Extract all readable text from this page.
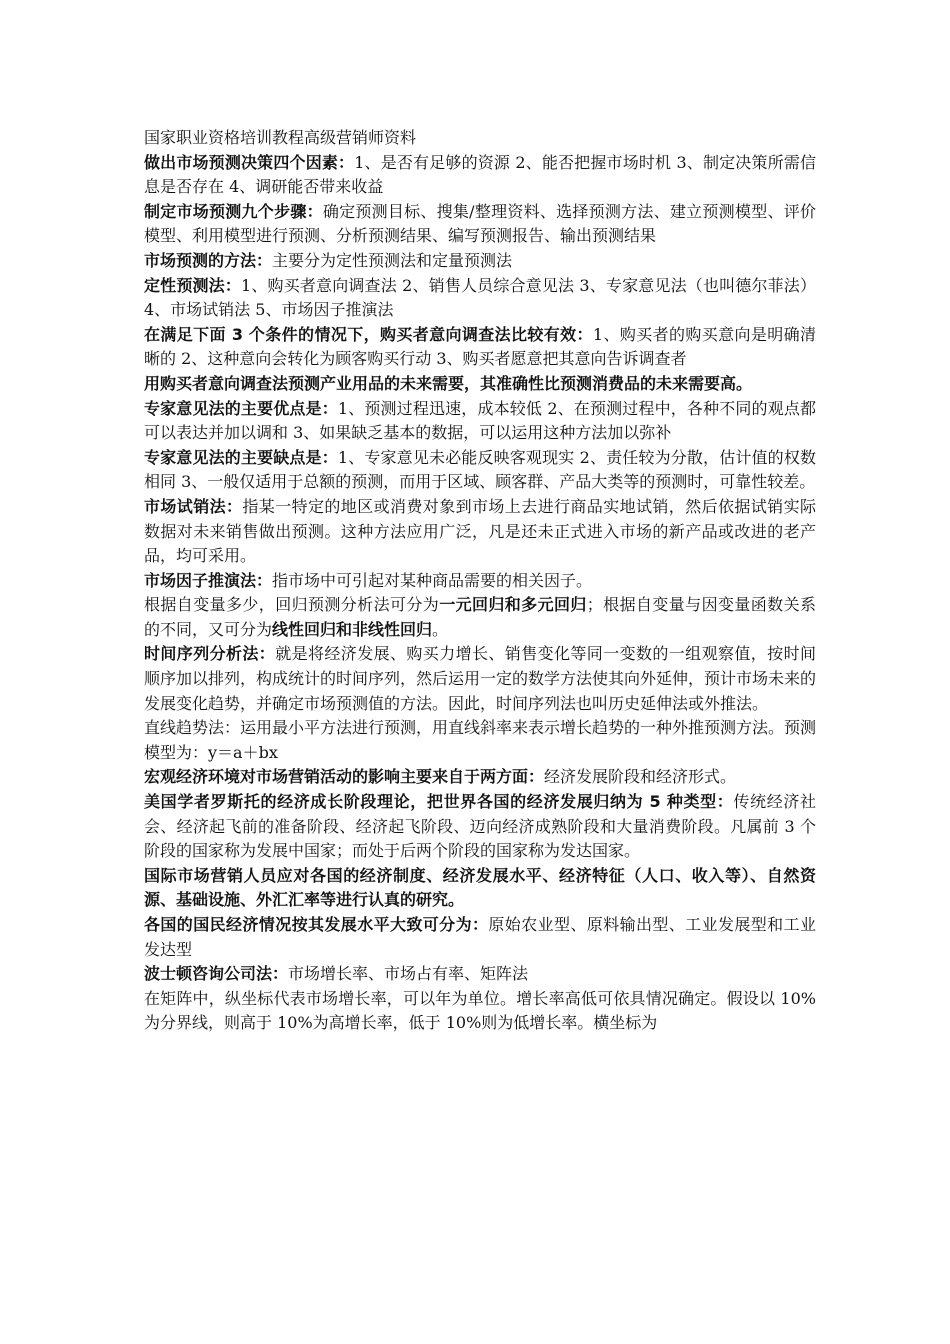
国家职业资格培训教程高级营销师资料

做出市场预测决策四个因素：1、是否有足够的资源 2、能否把握市场时机 3、制定决策所需信息是否存在 4、调研能否带来收益

制定市场预测九个步骤：确定预测目标、搜集/整理资料、选择预测方法、建立预测模型、评价模型、利用模型进行预测、分析预测结果、编写预测报告、输出预测结果

市场预测的方法：主要分为定性预测法和定量预测法

定性预测法：1、购买者意向调查法 2、销售人员综合意见法 3、专家意见法（也叫德尔菲法）4、市场试销法 5、市场因子推演法

在满足下面 3 个条件的情况下，购买者意向调查法比较有效：1、购买者的购买意向是明确清晰的 2、这种意向会转化为顾客购买行动 3、购买者愿意把其意向告诉调查者

用购买者意向调查法预测产业用品的未来需要，其准确性比预测消费品的未来需要高。

专家意见法的主要优点是：1、预测过程迅速，成本较低 2、在预测过程中，各种不同的观点都可以表达并加以调和 3、如果缺乏基本的数据，可以运用这种方法加以弥补

专家意见法的主要缺点是：1、专家意见未必能反映客观现实 2、责任较为分散，估计值的权数相同 3、一般仅适用于总额的预测，而用于区域、顾客群、产品大类等的预测时，可靠性较差。

市场试销法：指某一特定的地区或消费对象到市场上去进行商品实地试销，然后依据试销实际数据对未来销售做出预测。这种方法应用广泛，凡是还未正式进入市场的新产品或改进的老产品，均可采用。

市场因子推演法：指市场中可引起对某种商品需要的相关因子。

根据自变量多少，回归预测分析法可分为一元回归和多元回归；根据自变量与因变量函数关系的不同，又可分为线性回归和非线性回归。

时间序列分析法：就是将经济发展、购买力增长、销售变化等同一变数的一组观察值，按时间顺序加以排列，构成统计的时间序列，然后运用一定的数学方法使其向外延伸，预计市场未来的发展变化趋势，并确定市场预测值的方法。因此，时间序列法也叫历史延伸法或外推法。

直线趋势法：运用最小平方法进行预测，用直线斜率来表示增长趋势的一种外推预测方法。预测模型为：y＝a＋bx

宏观经济环境对市场营销活动的影响主要来自于两方面：经济发展阶段和经济形式。

美国学者罗斯托的经济成长阶段理论，把世界各国的经济发展归纳为 5 种类型：传统经济社会、经济起飞前的准备阶段、经济起飞阶段、迈向经济成熟阶段和大量消费阶段。凡属前 3 个阶段的国家称为发展中国家；而处于后两个阶段的国家称为发达国家。

国际市场营销人员应对各国的经济制度、经济发展水平、经济特征（人口、收入等）、自然资源、基础设施、外汇汇率等进行认真的研究。

各国的国民经济情况按其发展水平大致可分为：原始农业型、原料输出型、工业发展型和工业发达型

波士顿咨询公司法：市场增长率、市场占有率、矩阵法

在矩阵中，纵坐标代表市场增长率，可以年为单位。增长率高低可依具情况确定。假设以 10%为分界线，则高于 10%为高增长率，低于 10%则为低增长率。横坐标为
